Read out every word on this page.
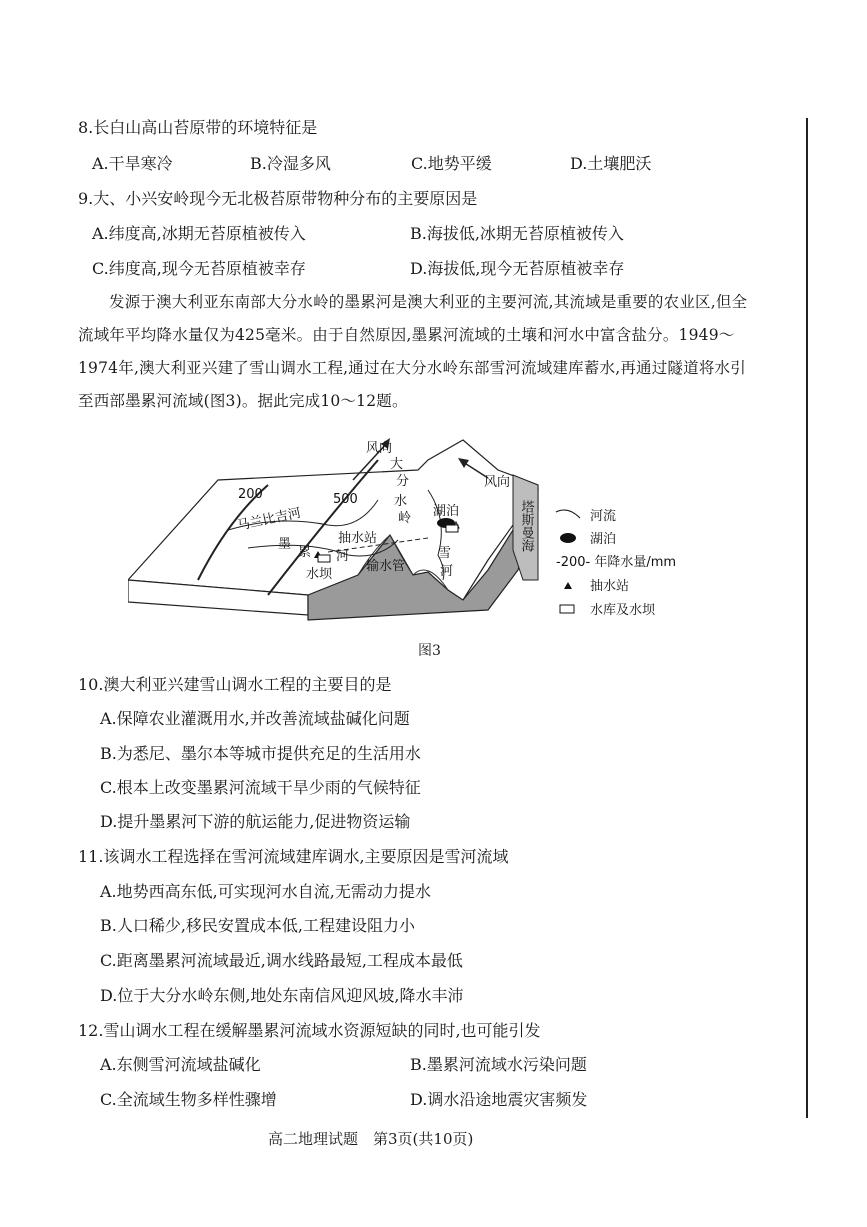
8.长白山高山苔原带的环境特征是
A.干旱寒冷	B.冷湿多风	C.地势平缓	D.土壤肥沃
9.大、小兴安岭现今无北极苔原带物种分布的主要原因是
A.纬度高,冰期无苔原植被传入	B.海拔低,冰期无苔原植被传入
C.纬度高,现今无苔原植被幸存	D.海拔低,现今无苔原植被幸存
发源于澳大利亚东南部大分水岭的墨累河是澳大利亚的主要河流,其流域是重要的农业区,但全流域年平均降水量仅为425毫米。由于自然原因,墨累河流域的土壤和河水中富含盐分。1949～1974年,澳大利亚兴建了雪山调水工程,通过在大分水岭东部雪河流域建库蓄水,再通过隧道将水引至西部墨累河流域(图3)。据此完成10～12题。
风向
风向
大
分
水
岭
200	500
马兰比吉河
墨
累 河
水坝
抽水站
输水管
湖泊
雪
河
塔斯曼海	河流
湖泊
-200- 年降水量/mm
抽水站
水库及水坝
图3
10.澳大利亚兴建雪山调水工程的主要目的是
A.保障农业灌溉用水,并改善流域盐碱化问题
B.为悉尼、墨尔本等城市提供充足的生活用水
C.根本上改变墨累河流域干旱少雨的气候特征
D.提升墨累河下游的航运能力,促进物资运输
11.该调水工程选择在雪河流域建库调水,主要原因是雪河流域
A.地势西高东低,可实现河水自流,无需动力提水
B.人口稀少,移民安置成本低,工程建设阻力小
C.距离墨累河流域最近,调水线路最短,工程成本最低
D.位于大分水岭东侧,地处东南信风迎风坡,降水丰沛
12.雪山调水工程在缓解墨累河流域水资源短缺的同时,也可能引发
A.东侧雪河流域盐碱化	B.墨累河流域水污染问题
C.全流域生物多样性骤增	D.调水沿途地震灾害频发
高二地理试题　第3页(共10页)
